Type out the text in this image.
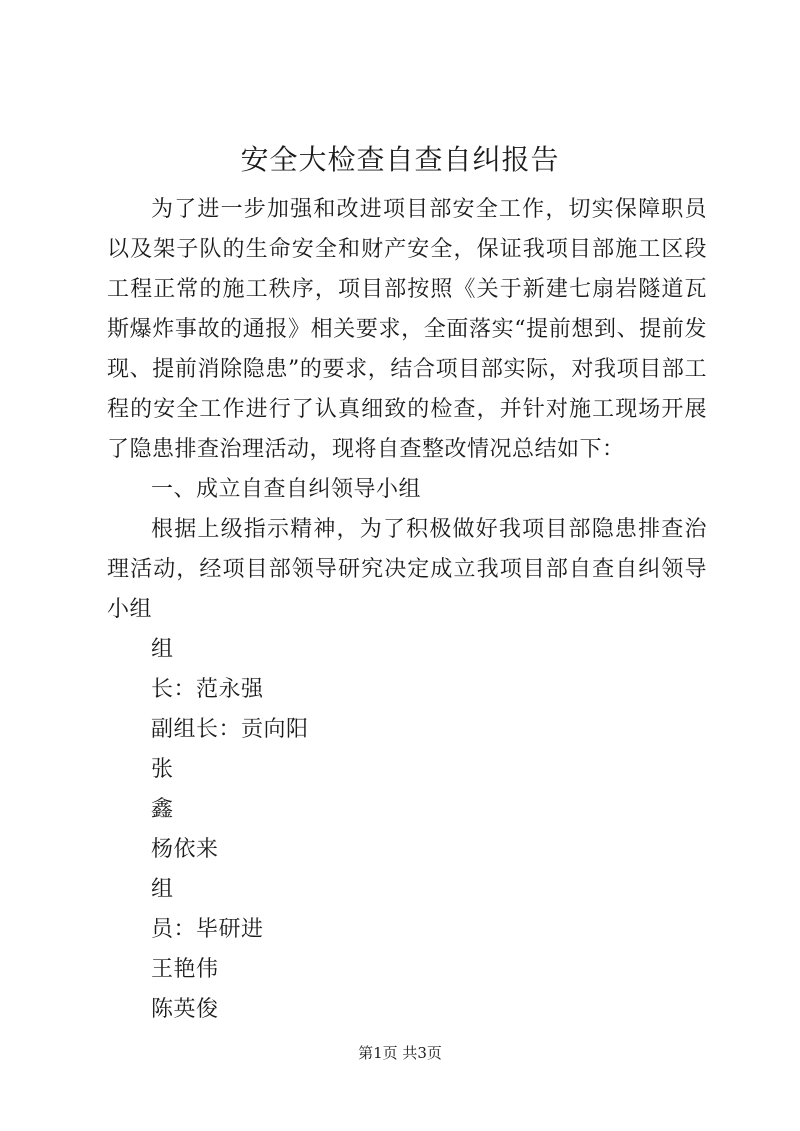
安全大检查自查自纠报告

为了进一步加强和改进项目部安全工作，切实保障职员以及架子队的生命安全和财产安全，保证我项目部施工区段工程正常的施工秩序，项目部按照《关于新建七扇岩隧道瓦斯爆炸事故的通报》相关要求，全面落实“提前想到、提前发现、提前消除隐患”的要求，结合项目部实际，对我项目部工程的安全工作进行了认真细致的检查，并针对施工现场开展了隐患排查治理活动，现将自查整改情况总结如下：

一、成立自查自纠领导小组

根据上级指示精神，为了积极做好我项目部隐患排查治理活动，经项目部领导研究决定成立我项目部自查自纠领导小组

组

长：范永强

副组长：贡向阳

张

鑫

杨依来

组

员：毕研进

王艳伟

陈英俊

第1页 共3页
